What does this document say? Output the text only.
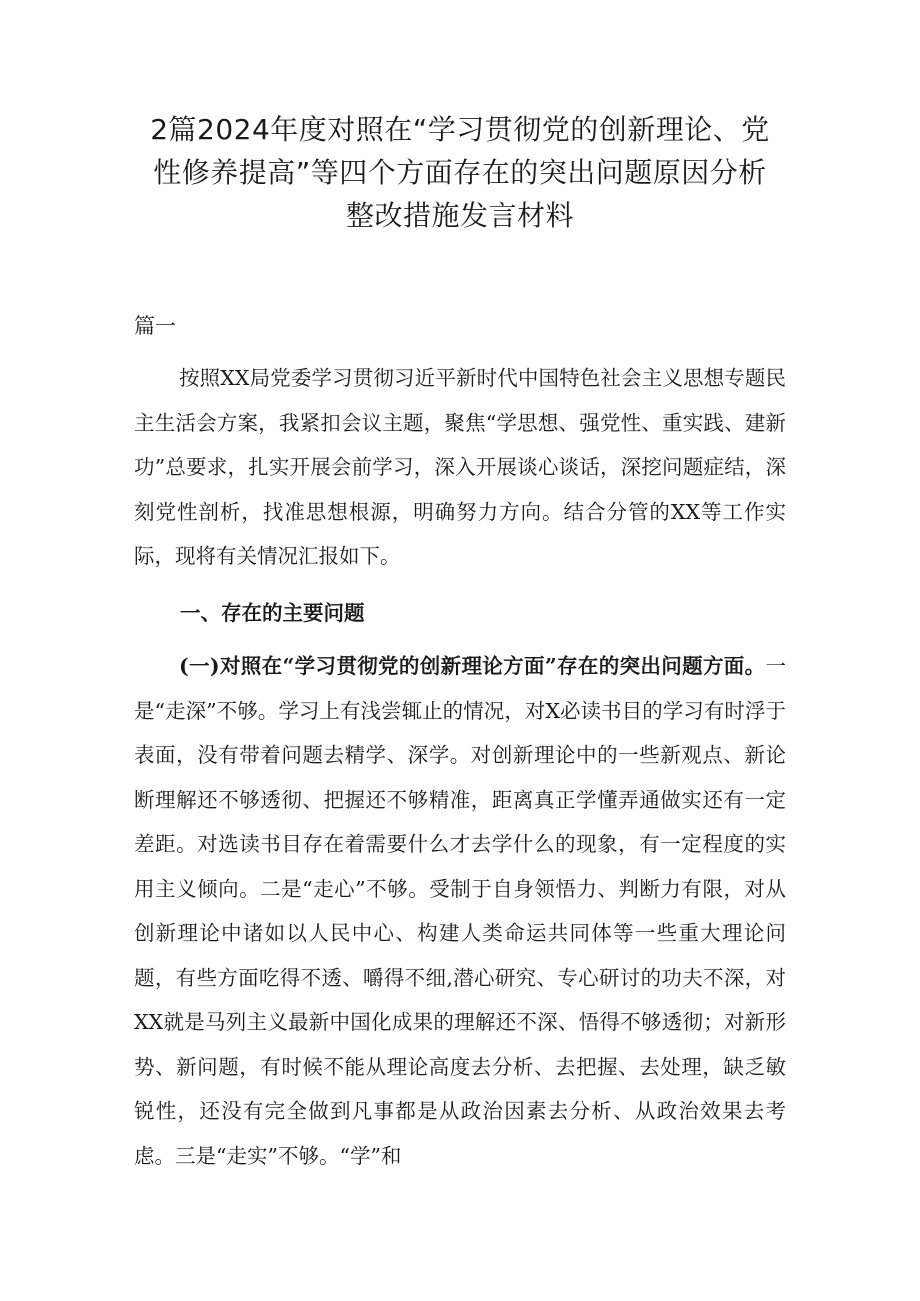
2篇2024年度对照在“学习贯彻党的创新理论、党
性修养提高”等四个方面存在的突出问题原因分析
整改措施发言材料

篇一

按照XX局党委学习贯彻习近平新时代中国特色社会主义思想专题民主生活会方案，我紧扣会议主题，聚焦“学思想、强党性、重实践、建新功”总要求，扎实开展会前学习，深入开展谈心谈话，深挖问题症结，深刻党性剖析，找准思想根源，明确努力方向。结合分管的XX等工作实际，现将有关情况汇报如下。

一、存在的主要问题

(一)对照在“学习贯彻党的创新理论方面”存在的突出问题方面。一是“走深”不够。学习上有浅尝辄止的情况，对X必读书目的学习有时浮于表面，没有带着问题去精学、深学。对创新理论中的一些新观点、新论断理解还不够透彻、把握还不够精准，距离真正学懂弄通做实还有一定差距。对选读书目存在着需要什么才去学什么的现象，有一定程度的实用主义倾向。二是“走心”不够。受制于自身领悟力、判断力有限，对从创新理论中诸如以人民中心、构建人类命运共同体等一些重大理论问题，有些方面吃得不透、嚼得不细,潜心研究、专心研讨的功夫不深，对XX就是马列主义最新中国化成果的理解还不深、悟得不够透彻；对新形势、新问题，有时候不能从理论高度去分析、去把握、去处理，缺乏敏锐性，还没有完全做到凡事都是从政治因素去分析、从政治效果去考虑。三是“走实”不够。“学”和
